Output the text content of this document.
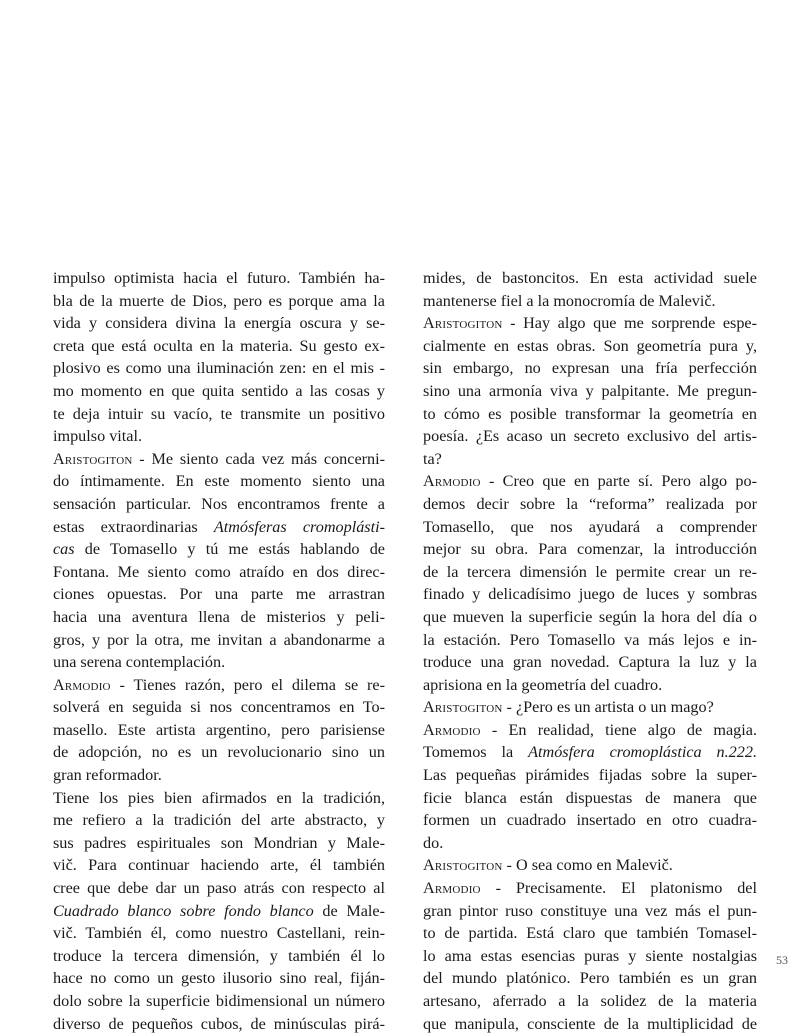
impulso optimista hacia el futuro. También ha-
bla de la muerte de Dios, pero es porque ama la
vida y considera divina la energía oscura y se-
creta que está oculta en la materia. Su gesto ex-
plosivo es como una iluminación zen: en el mis -
mo momento en que quita sentido a las cosas y
te deja intuir su vacío, te transmite un positivo
impulso vital.
Aristogiton - Me siento cada vez más concerni-
do íntimamente. En este momento siento una
sensación particular. Nos encontramos frente a
estas extraordinarias Atmósferas cromoplásti-
cas de Tomasello y tú me estás hablando de
Fontana. Me siento como atraído en dos direc-
ciones opuestas. Por una parte me arrastran
hacia una aventura llena de misterios y peli-
gros, y por la otra, me invitan a abandonarme a
una serena contemplación.
Armodio - Tienes razón, pero el dilema se re-
solverá en seguida si nos concentramos en To-
masello. Este artista argentino, pero parisiense
de adopción, no es un revolucionario sino un
gran reformador.
Tiene los pies bien afirmados en la tradición,
me refiero a la tradición del arte abstracto, y
sus padres espirituales son Mondrian y Male-
vič. Para continuar haciendo arte, él también
cree que debe dar un paso atrás con respecto al
Cuadrado blanco sobre fondo blanco de Male-
vič. También él, como nuestro Castellani, rein-
troduce la tercera dimensión, y también él lo
hace no como un gesto ilusorio sino real, fiján-
dolo sobre la superficie bidimensional un número
diverso de pequeños cubos, de minúsculas pirá-
mides, de bastoncitos. En esta actividad suele
mantenerse fiel a la monocromía de Malevič.
Aristogiton - Hay algo que me sorprende espe-
cialmente en estas obras. Son geometría pura y,
sin embargo, no expresan una fría perfección
sino una armonía viva y palpitante. Me pregun-
to cómo es posible transformar la geometría en
poesía. ¿Es acaso un secreto exclusivo del artis-
ta?
Armodio - Creo que en parte sí. Pero algo po-
demos decir sobre la “reforma” realizada por
Tomasello, que nos ayudará a comprender
mejor su obra. Para comenzar, la introducción
de la tercera dimensión le permite crear un re-
finado y delicadísimo juego de luces y sombras
que mueven la superficie según la hora del día o
la estación. Pero Tomasello va más lejos e in-
troduce una gran novedad. Captura la luz y la
aprisiona en la geometría del cuadro.
Aristogiton - ¿Pero es un artista o un mago?
Armodio - En realidad, tiene algo de magia.
Tomemos la Atmósfera cromoplástica n.222.
Las pequeñas pirámides fijadas sobre la super-
ficie blanca están dispuestas de manera que
formen un cuadrado insertado en otro cuadra-
do.
Aristogiton - O sea como en Malevič.
Armodio - Precisamente. El platonismo del
gran pintor ruso constituye una vez más el pun-
to de partida. Está claro que también Tomasel-
lo ama estas esencias puras y siente nostalgias
del mundo platónico. Pero también es un gran
artesano, aferrado a la solidez de la materia
que manipula, consciente de la multiplicidad de
53
